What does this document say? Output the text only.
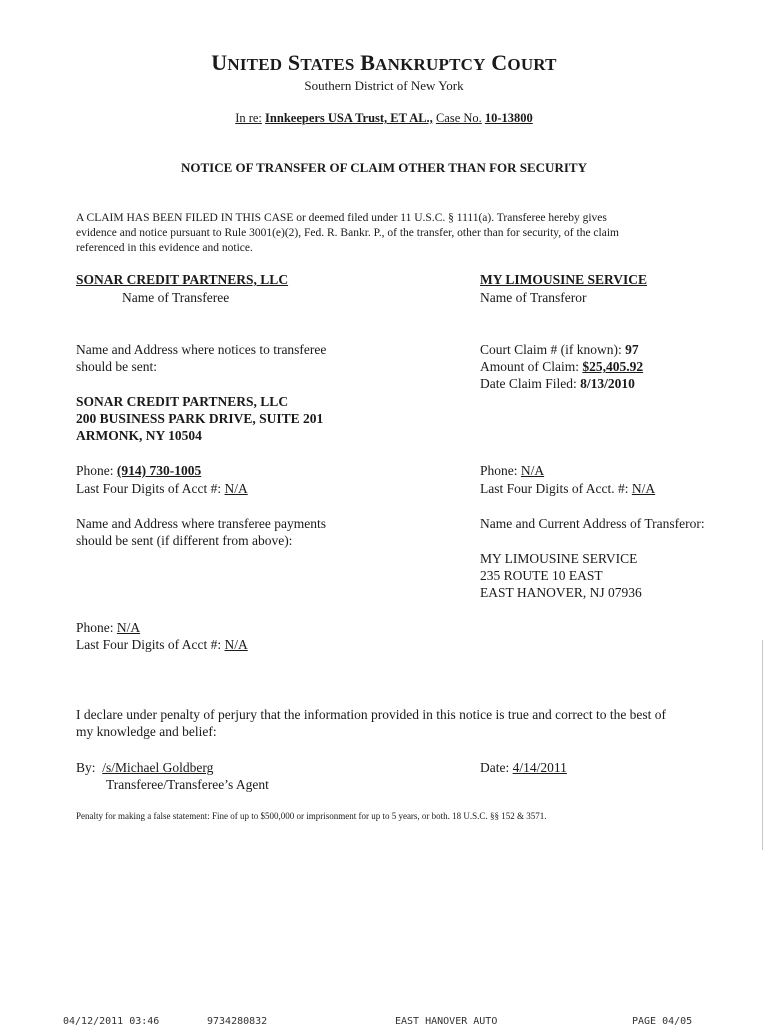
UNITED STATES BANKRUPTCY COURT
Southern District of New York
In re: Innkeepers USA Trust, ET AL., Case No. 10-13800
NOTICE OF TRANSFER OF CLAIM OTHER THAN FOR SECURITY
A CLAIM HAS BEEN FILED IN THIS CASE or deemed filed under 11 U.S.C. § 1111(a). Transferee hereby gives evidence and notice pursuant to Rule 3001(e)(2), Fed. R. Bankr. P., of the transfer, other than for security, of the claim referenced in this evidence and notice.
SONAR CREDIT PARTNERS, LLC
Name of Transferee
Name and Address where notices to transferee
should be sent:
SONAR CREDIT PARTNERS, LLC
200 BUSINESS PARK DRIVE, SUITE 201
ARMONK, NY 10504
Phone: (914) 730-1005
Last Four Digits of Acct #: N/A
Name and Address where transferee payments
should be sent (if different from above):
Phone: N/A
Last Four Digits of Acct #: N/A
MY LIMOUSINE SERVICE
Name of Transferor
Court Claim # (if known): 97
Amount of Claim: $25,405.92
Date Claim Filed: 8/13/2010
Phone: N/A
Last Four Digits of Acct. #: N/A
Name and Current Address of Transferor:
MY LIMOUSINE SERVICE
235 ROUTE 10 EAST
EAST HANOVER, NJ 07936
I declare under penalty of perjury that the information provided in this notice is true and correct to the best of
my knowledge and belief:
By: /s/Michael Goldberg
Transferee/Transferee’s Agent
Date: 4/14/2011
Penalty for making a false statement: Fine of up to $500,000 or imprisonment for up to 5 years, or both. 18 U.S.C. §§ 152 & 3571.
04/12/2011 03:46	9734280832	EAST HANOVER AUTO	PAGE 04/05
